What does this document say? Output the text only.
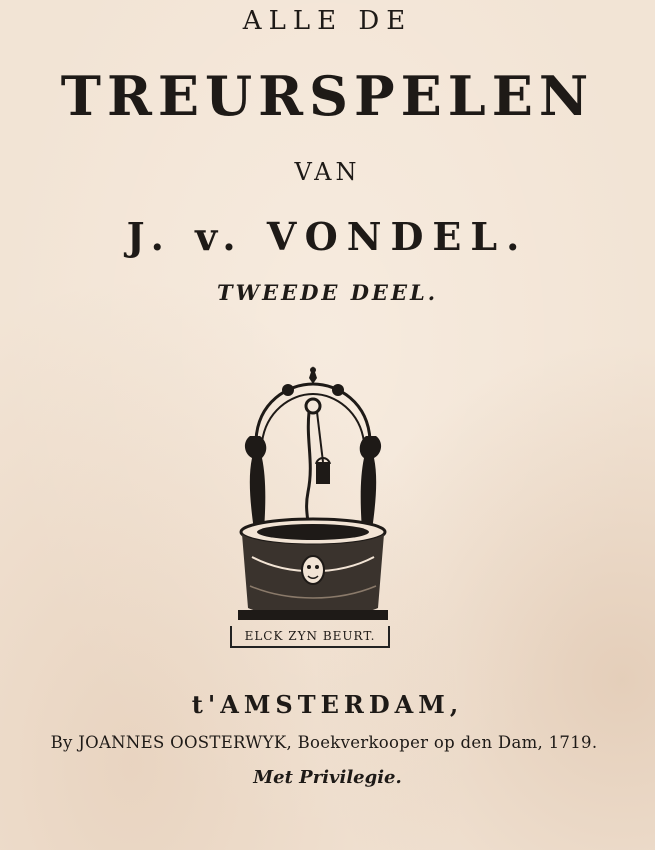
ALLE DE
TREURSPELEN
VAN
J. v. VONDEL.
TWEEDE DEEL.
ELCK ZYN BEURT.
t'AMSTERDAM,
By JOANNES OOSTERWYK, Boekverkooper op den Dam, 1719.
Met Privilegie.
